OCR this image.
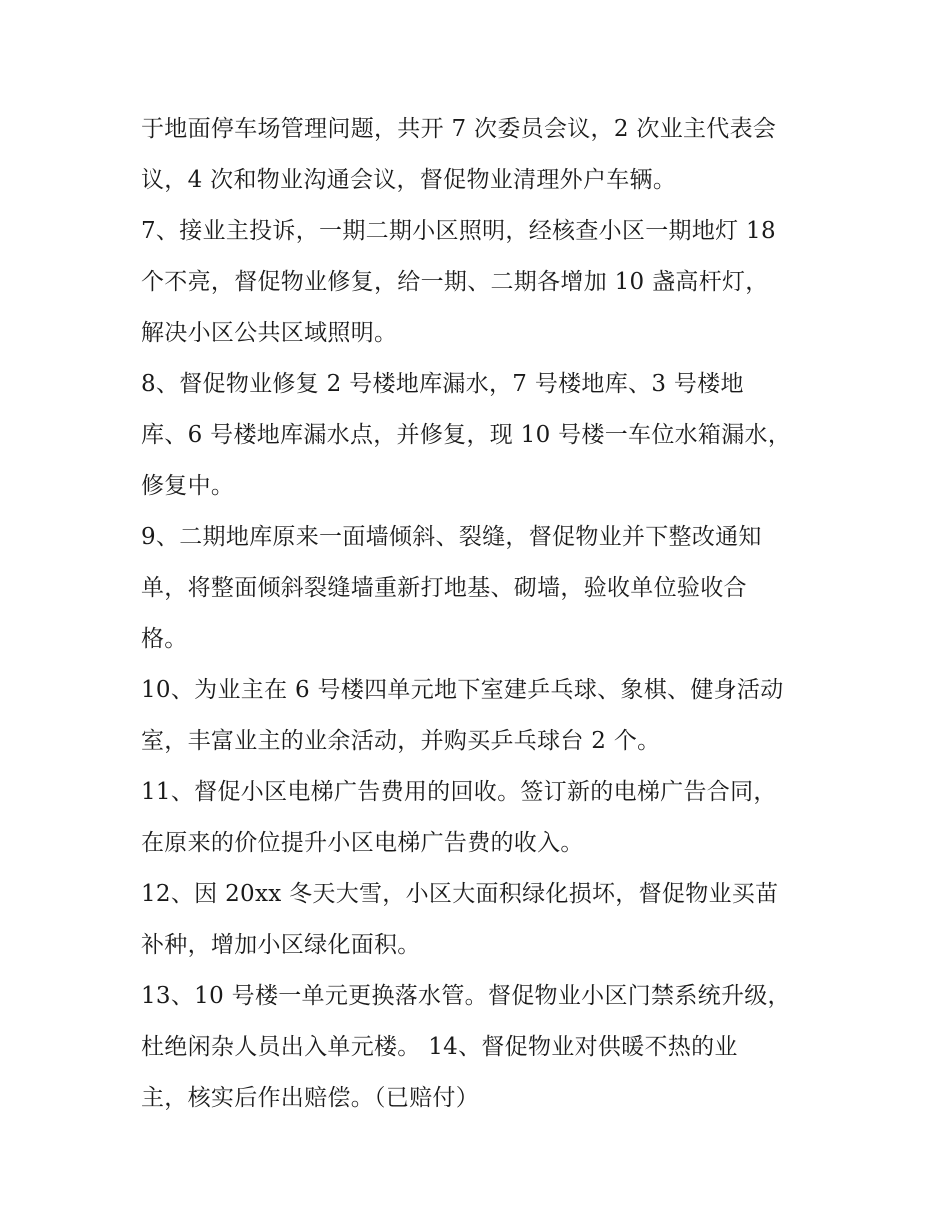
于地面停车场管理问题，共开 7 次委员会议，2 次业主代表会
议，4 次和物业沟通会议，督促物业清理外户车辆。
7、接业主投诉，一期二期小区照明，经核查小区一期地灯 18
个不亮，督促物业修复，给一期、二期各增加 10 盏高杆灯，
解决小区公共区域照明。
8、督促物业修复 2 号楼地库漏水，7 号楼地库、3 号楼地
库、6 号楼地库漏水点，并修复，现 10 号楼一车位水箱漏水，
修复中。
9、二期地库原来一面墙倾斜、裂缝，督促物业并下整改通知
单，将整面倾斜裂缝墙重新打地基、砌墙，验收单位验收合
格。
10、为业主在 6 号楼四单元地下室建乒乓球、象棋、健身活动
室，丰富业主的业余活动，并购买乒乓球台 2 个。
11、督促小区电梯广告费用的回收。签订新的电梯广告合同，
在原来的价位提升小区电梯广告费的收入。
12、因 20xx 冬天大雪，小区大面积绿化损坏，督促物业买苗
补种，增加小区绿化面积。
13、10 号楼一单元更换落水管。督促物业小区门禁系统升级，
杜绝闲杂人员出入单元楼。 14、督促物业对供暖不热的业
主，核实后作出赔偿。（已赔付）
